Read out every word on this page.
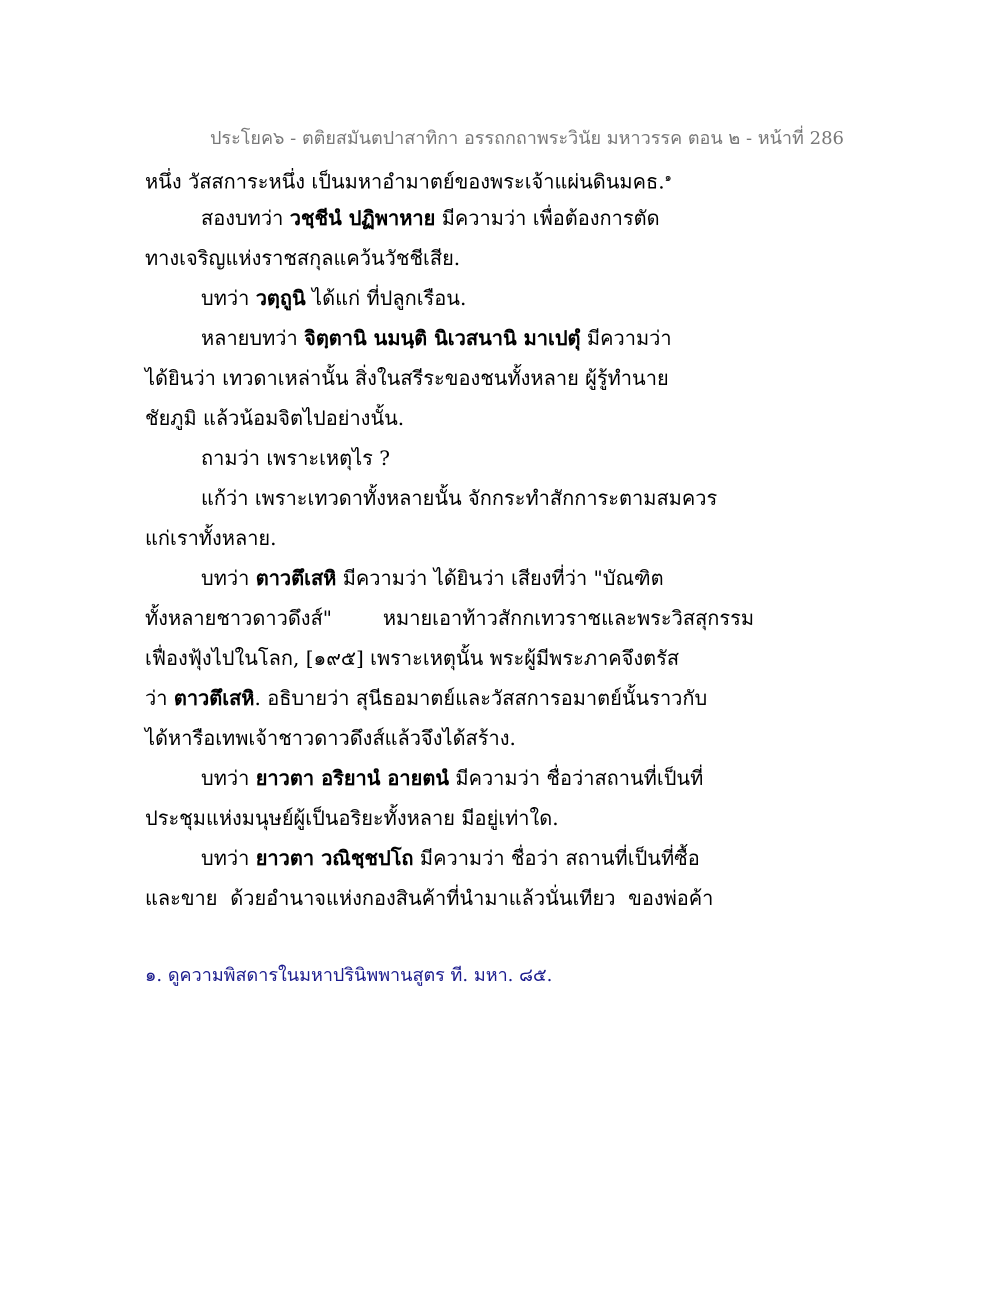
ประโยค๖ - ตติยสมันตปาสาทิกา อรรถกถาพระวินัย มหาวรรค ตอน ๒ - หน้าที่ 286
หนึ่ง วัสสการะหนึ่ง เป็นมหาอำมาตย์ของพระเจ้าแผ่นดินมคธ.$^๑$
สองบทว่า วชฺชีนํ ปฏิพาหาย มีความว่า เพื่อต้องการตัด
ทางเจริญแห่งราชสกุลแคว้นวัชชีเสีย.
บทว่า วตฺถูนิ ได้แก่ ที่ปลูกเรือน.
หลายบทว่า จิตฺตานิ นมนฺติ นิเวสนานิ มาเปตุํ มีความว่า
ได้ยินว่า เทวดาเหล่านั้น สิ่งในสรีระของชนทั้งหลาย ผู้รู้ทำนาย
ชัยภูมิ แล้วน้อมจิตไปอย่างนั้น.
ถามว่า เพราะเหตุไร ?
แก้ว่า เพราะเทวดาทั้งหลายนั้น จักกระทำสักการะตามสมควร
แก่เราทั้งหลาย.
บทว่า ตาวตึเสหิ มีความว่า ได้ยินว่า เสียงที่ว่า "บัณฑิต
ทั้งหลายชาวดาวดึงส์"        หมายเอาท้าวสักกเทวราชและพระวิสสุกรรม
เฟื่องฟุ้งไปในโลก, [๑๙๕] เพราะเหตุนั้น พระผู้มีพระภาคจึงตรัส
ว่า ตาวตึเสหิ. อธิบายว่า สุนีธอมาตย์และวัสสการอมาตย์นั้นราวกับ
ได้หารือเทพเจ้าชาวดาวดึงส์แล้วจึงได้สร้าง.
บทว่า ยาวตา อริยานํ อายตนํ มีความว่า ชื่อว่าสถานที่เป็นที่
ประชุมแห่งมนุษย์ผู้เป็นอริยะทั้งหลาย มีอยู่เท่าใด.
บทว่า ยาวตา วณิชฺชปโถ มีความว่า ชื่อว่า สถานที่เป็นที่ซื้อ
และขาย  ด้วยอำนาจแห่งกองสินค้าที่นำมาแล้วนั่นเทียว  ของพ่อค้า
๑. ดูความพิสดารในมหาปรินิพพานสูตร ที. มหา. ๘๕.
